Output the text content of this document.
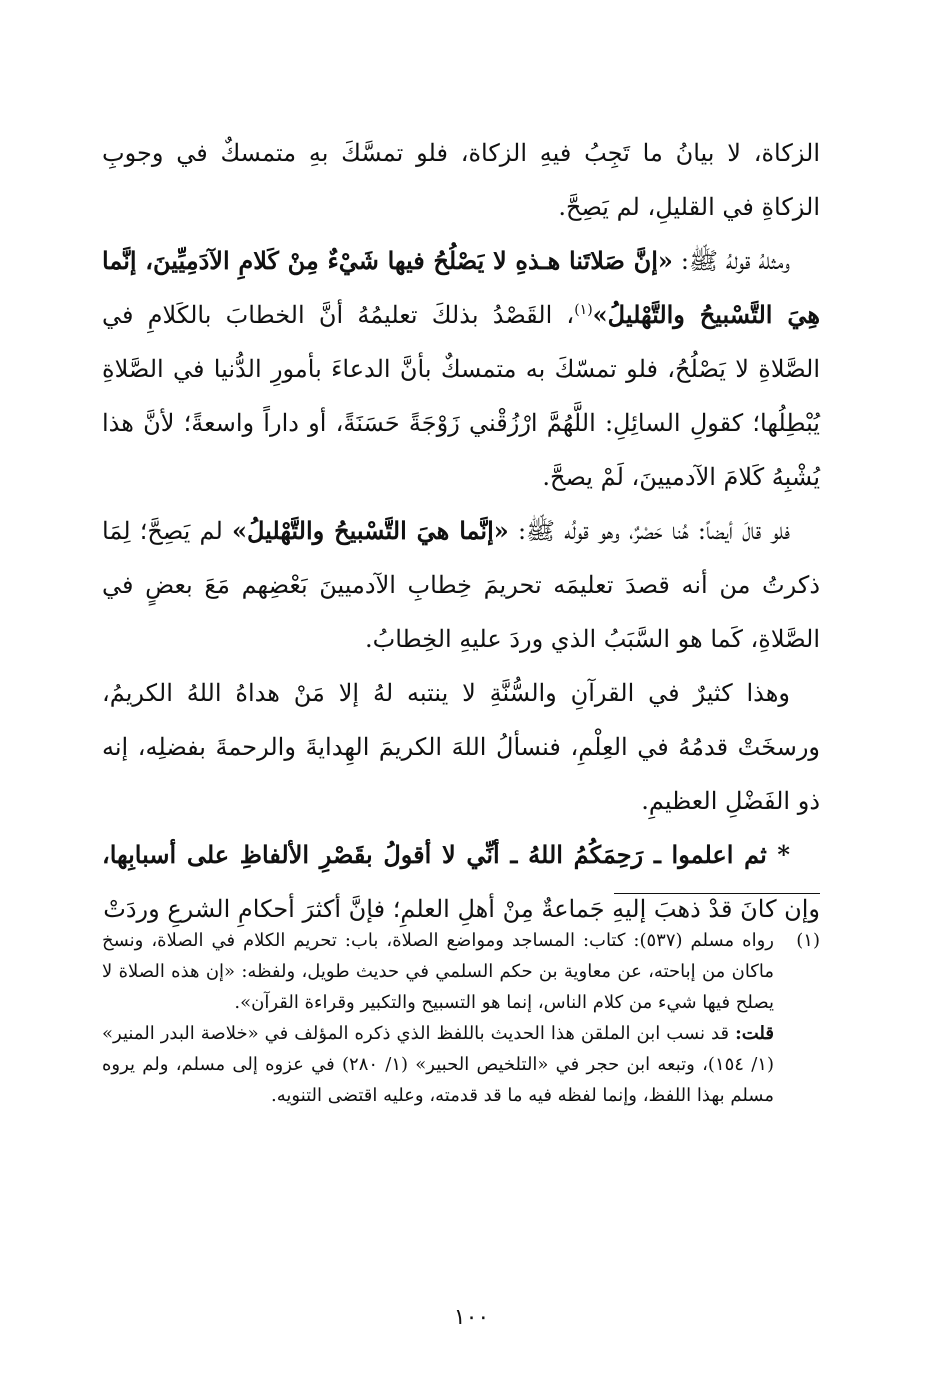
الزكاة، لا بيانُ ما تَجِبُ فيهِ الزكاة، فلو تمسَّكَ بهِ متمسكٌ في وجوبِ الزكاةِ في القليلِ، لم يَصِحَّ.

ومثلهُ قولهُ ﷺ: «إنَّ صَلاتَنا هـذهِ لا يَصْلُحُ فيها شَيْءٌ مِنْ كَلامِ الآدَمِيِّينَ، إنَّما هِيَ التَّسْبيحُ والتَّهْليلُ»$^{(١)}$، القَصْدُ بذلكَ تعليمُهُ أنَّ الخطابَ بالكَلامِ في الصَّلاةِ لا يَصْلُحُ، فلو تمسّكَ به متمسكٌ بأنَّ الدعاءَ بأمورِ الدُّنيا في الصَّلاةِ يُبْطِلُها؛ كقولِ السائِلِ: اللَّهُمَّ ارْزُقْني زَوْجَةً حَسَنَةً، أو داراً واسعةً؛ لأنَّ هذا يُشْبِهُ كَلامَ الآدميينَ، لَمْ يصحَّ.

فلو قالَ أيضاً: هُنا حَصْرٌ، وهو قولُه ﷺ: «إنَّما هيَ التَّسْبيحُ والتَّهْليلُ» لم يَصِحَّ؛ لِمَا ذكرتُ من أنه قصدَ تعليمَه تحريمَ خِطابِ الآدميينَ بَعْضِهم مَعَ بعضٍ في الصَّلاةِ، كَما هو السَّبَبُ الذي وردَ عليهِ الخِطابُ.

وهذا كثيرٌ في القرآنِ والسُّنَّةِ لا ينتبه لهُ إلا مَنْ هداهُ اللهُ الكريمُ، ورسخَتْ قدمُهُ في العِلْمِ، فنسألُ اللهَ الكريمَ الهِدايةَ والرحمةَ بفضلِه، إنه ذو الفَضْلِ العظيمِ.

* ثم اعلموا ـ رَحِمَكُمُ اللهُ ـ أنِّي لا أقولُ بقَصْرِ الألفاظِ على أسبابِها، وإن كانَ قدْ ذهبَ إليهِ جَماعةٌ مِنْ أهلِ العلمِ؛ فإنَّ أكثرَ أحكامِ الشرعِ وردَتْ

(١)

رواه مسلم (٥٣٧): كتاب: المساجد ومواضع الصلاة، باب: تحريم الكلام في الصلاة، ونسخ ماكان من إباحته، عن معاوية بن حكم السلمي في حديث طويل، ولفظه: «إن هذه الصلاة لا يصلح فيها شيء من كلام الناس، إنما هو التسبيح والتكبير وقراءة القرآن».

قلت: قد نسب ابن الملقن هذا الحديث باللفظ الذي ذكره المؤلف في «خلاصة البدر المنير» (١/ ١٥٤)، وتبعه ابن حجر في «التلخيص الحبير» (١/ ٢٨٠) في عزوه إلى مسلم، ولم يروه مسلم بهذا اللفظ، وإنما لفظه فيه ما قد قدمته، وعليه اقتضى التنويه.

١٠٠
